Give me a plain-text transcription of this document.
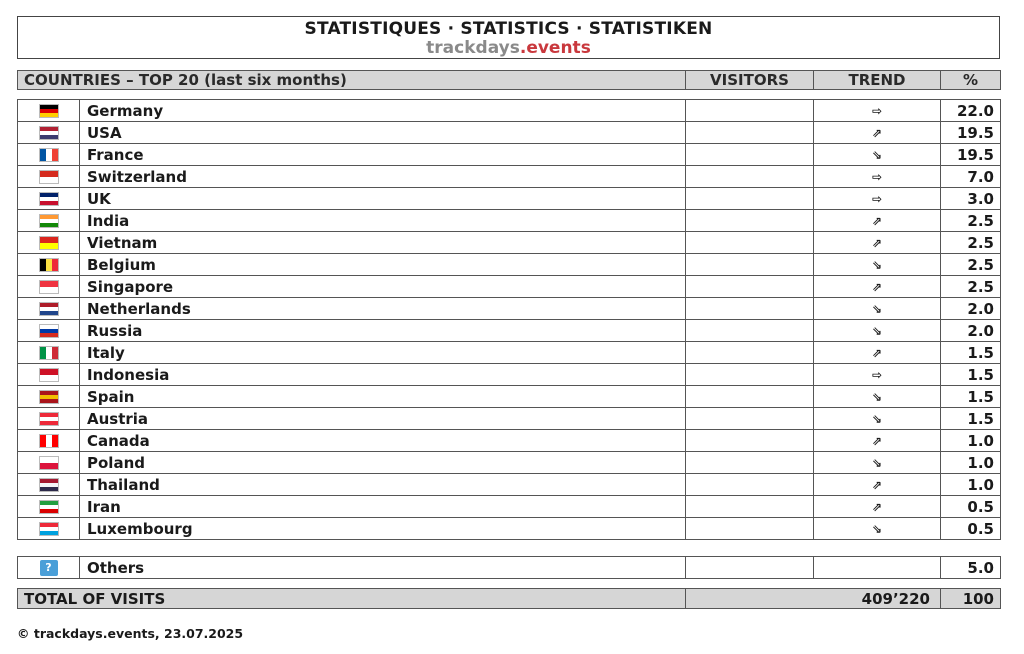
STATISTIQUES · STATISTICS · STATISTIKEN
trackdays.events
COUNTRIES – TOP 20 (last six months)	VISITORS	TREND	%
	Germany		⇨	22.0
	USA		⇗	19.5
	France		⇘	19.5
	Switzerland		⇨	7.0
	UK		⇨	3.0
	India		⇗	2.5
	Vietnam		⇗	2.5
	Belgium		⇘	2.5
	Singapore		⇗	2.5
	Netherlands		⇘	2.0
	Russia		⇘	2.0
	Italy		⇗	1.5
	Indonesia		⇨	1.5
	Spain		⇘	1.5
	Austria		⇘	1.5
	Canada		⇗	1.0
	Poland		⇘	1.0
	Thailand		⇗	1.0
	Iran		⇗	0.5
	Luxembourg		⇘	0.5
?	Others			5.0
TOTAL OF VISITS	409’220	100
© trackdays.events, 23.07.2025
